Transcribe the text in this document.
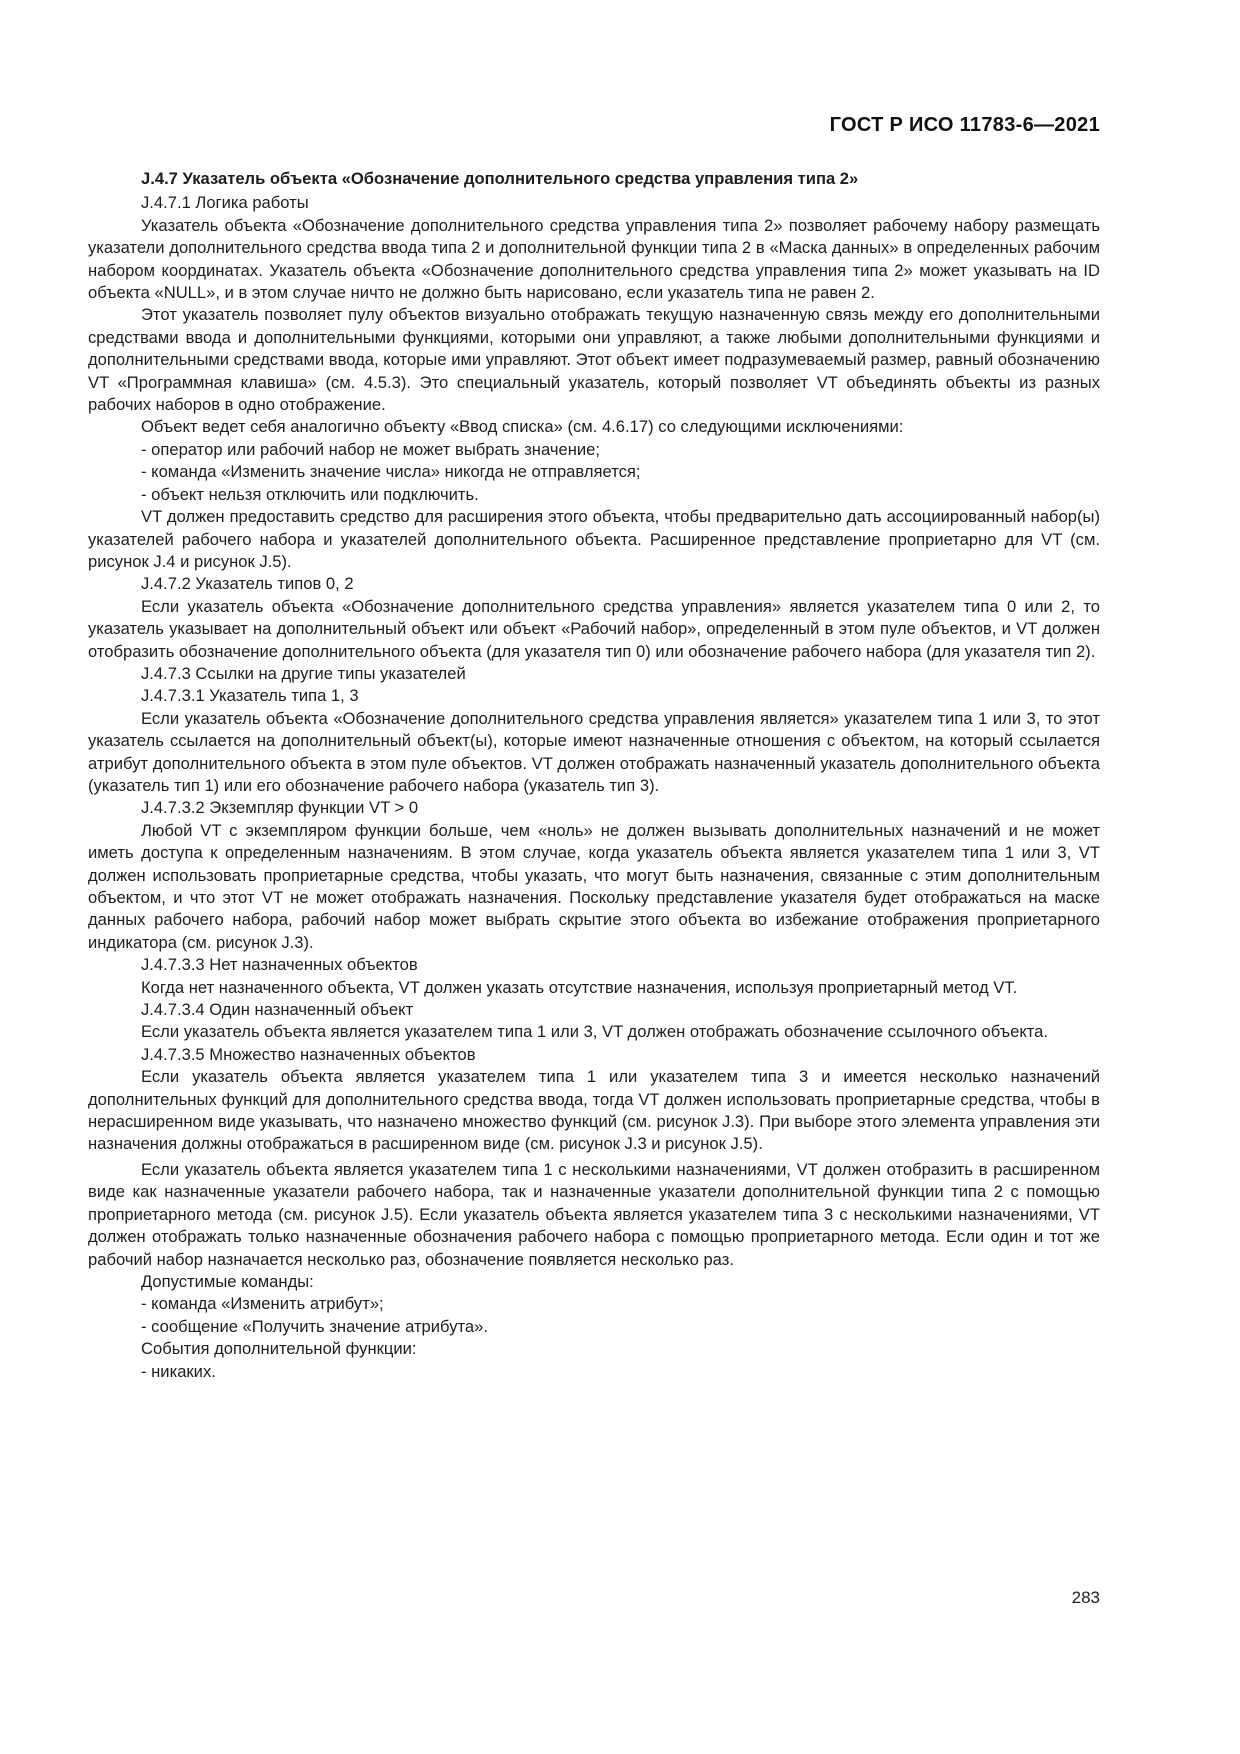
ГОСТ Р ИСО 11783-6—2021

J.4.7 Указатель объекта «Обозначение дополнительного средства управления типа 2»

J.4.7.1 Логика работы

Указатель объекта «Обозначение дополнительного средства управления типа 2» позволяет рабочему набору размещать указатели дополнительного средства ввода типа 2 и дополнительной функции типа 2 в «Маска данных» в определенных рабочим набором координатах. Указатель объекта «Обозначение дополнительного средства управления типа 2» может указывать на ID объекта «NULL», и в этом случае ничто не должно быть нарисовано, если указатель типа не равен 2.

Этот указатель позволяет пулу объектов визуально отображать текущую назначенную связь между его дополнительными средствами ввода и дополнительными функциями, которыми они управляют, а также любыми дополнительными функциями и дополнительными средствами ввода, которые ими управляют. Этот объект имеет подразумеваемый размер, равный обозначению VT «Программная клавиша» (см. 4.5.3). Это специальный указатель, который позволяет VT объединять объекты из разных рабочих наборов в одно отображение.

Объект ведет себя аналогично объекту «Ввод списка» (см. 4.6.17) со следующими исключениями:

- оператор или рабочий набор не может выбрать значение;

- команда «Изменить значение числа» никогда не отправляется;

- объект нельзя отключить или подключить.

VT должен предоставить средство для расширения этого объекта, чтобы предварительно дать ассоциированный набор(ы) указателей рабочего набора и указателей дополнительного объекта. Расширенное представление проприетарно для VT (см. рисунок J.4 и рисунок J.5).

J.4.7.2 Указатель типов 0, 2

Если указатель объекта «Обозначение дополнительного средства управления» является указателем типа 0 или 2, то указатель указывает на дополнительный объект или объект «Рабочий набор», определенный в этом пуле объектов, и VT должен отобразить обозначение дополнительного объекта (для указателя тип 0) или обозначение рабочего набора (для указателя тип 2).

J.4.7.3 Ссылки на другие типы указателей

J.4.7.3.1 Указатель типа 1, 3

Если указатель объекта «Обозначение дополнительного средства управления является» указателем типа 1 или 3, то этот указатель ссылается на дополнительный объект(ы), которые имеют назначенные отношения с объектом, на который ссылается атрибут дополнительного объекта в этом пуле объектов. VT должен отображать назначенный указатель дополнительного объекта (указатель тип 1) или его обозначение рабочего набора (указатель тип 3).

J.4.7.3.2 Экземпляр функции VT > 0

Любой VT с экземпляром функции больше, чем «ноль» не должен вызывать дополнительных назначений и не может иметь доступа к определенным назначениям. В этом случае, когда указатель объекта является указателем типа 1 или 3, VT должен использовать проприетарные средства, чтобы указать, что могут быть назначения, связанные с этим дополнительным объектом, и что этот VT не может отображать назначения. Поскольку представление указателя будет отображаться на маске данных рабочего набора, рабочий набор может выбрать скрытие этого объекта во избежание отображения проприетарного индикатора (см. рисунок J.3).

J.4.7.3.3 Нет назначенных объектов

Когда нет назначенного объекта, VT должен указать отсутствие назначения, используя проприетарный метод VT.

J.4.7.3.4 Один назначенный объект

Если указатель объекта является указателем типа 1 или 3, VT должен отображать обозначение ссылочного объекта.

J.4.7.3.5 Множество назначенных объектов

Если указатель объекта является указателем типа 1 или указателем типа 3 и имеется несколько назначений дополнительных функций для дополнительного средства ввода, тогда VT должен использовать проприетарные средства, чтобы в нерасширенном виде указывать, что назначено множество функций (см. рисунок J.3). При выборе этого элемента управления эти назначения должны отображаться в расширенном виде (см. рисунок J.3 и рисунок J.5).

Если указатель объекта является указателем типа 1 с несколькими назначениями, VT должен отобразить в расширенном виде как назначенные указатели рабочего набора, так и назначенные указатели дополнительной функции типа 2 с помощью проприетарного метода (см. рисунок J.5). Если указатель объекта является указателем типа 3 с несколькими назначениями, VT должен отображать только назначенные обозначения рабочего набора с помощью проприетарного метода. Если один и тот же рабочий набор назначается несколько раз, обозначение появляется несколько раз.

Допустимые команды:

- команда «Изменить атрибут»;

- сообщение «Получить значение атрибута».

События дополнительной функции:

- никаких.

283
